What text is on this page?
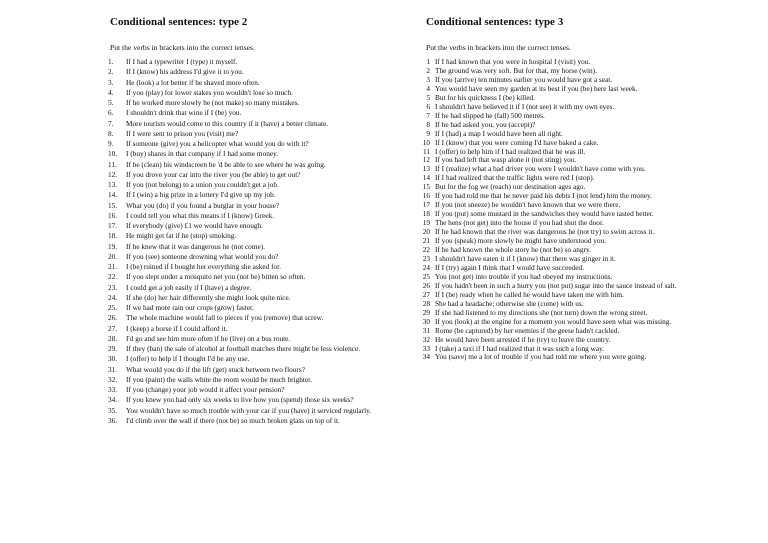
Conditional sentences: type 2
Put the verbs in brackets into the correct tenses.
1. If I had a typewriter I (type) it myself.
2. If I (know) his address I'd give it to you.
3. He (look) a lot better if he shaved more often.
4. If you (play) for lower stakes you wouldn't lose so much.
5. If he worked more slowly he (not make) so many mistakes.
6. I shouldn't drink that wine if I (be) you.
7. More tourists would come to this country if it (have) a better climate.
8. If I were sent to prison you (visit) me?
9. If someone (give) you a helicopter what would you do with it?
10. I (buy) shares in that company if I had some money.
11. If he (clean) his windscreen he 'd be able to see where he was going.
12. If you drove your car into the river you (be able) to get out?
13. If you (not belong) to a union you couldn't get a job.
14. If I (win) a big prize in a lottery I'd give up my job.
15. What you (do) if you found a burglar in your house?
16. I could tell you what this means if I (know) Greek.
17. If everybody (give) £1 we would have enough.
18. He might get fat if he (stop) smoking.
19. If he knew that it was dangerous he (not come).
20. If you (see) someone drowning what would you do?
21. I (be) ruined if I bought her everything she asked for.
22. If you slept under a mosquito net you (not be) bitten so often.
23. I could get a job easily if I (have) a degree.
24. If she (do) her hair differently she might look quite nice.
25. If we had more rain our crops (grow) faster.
26. The whole machine would fall to pieces if you (remove) that screw.
27. I (keep) a horse if I could afford it.
28. I'd go and see him more often if he (live) on a bus route.
29. If they (ban) the sale of alcohol at football matches there might be less violence.
30. I (offer) to help if I thought I'd be any use.
31. What would you do if the lift (get) stuck between two floors?
32. If you (paint) the walls white the room would be much brighter.
33. If you (change) your job would it affect your pension?
34. If you knew you had only six weeks to live how you (spend) those six weeks?
35. You wouldn't have so much trouble with your car if you (have) it serviced regularly.
36. I'd climb over the wall if there (not be) so much broken glass on top of it.
Conditional sentences: type 3
Put the verbs in brackets into the correct tenses.
1 If I had known that you were in hospital I (visit) you.
2 The ground was very soft. But for that, my horse (win).
3 If you (arrive) ten minutes earlier you would have got a seat.
4 You would have seen my garden at its best if you (be) here last week.
5 But for his quickness I (be) killed.
6 I shouldn't have believed it if I (not see) it with my own eyes.
7 If he had slipped he (fall) 500 metres.
8 If he had asked you, you (accept)?
9 If I (had) a map I would have been all right.
10 If I (know) that you were coming I'd have baked a cake.
11 I (offer) to help him if I had realized that he was ill.
12 If you had left that wasp alone it (not sting) you.
13 If I (realize) what a bad driver you were I wouldn't have come with you.
14 If I had realized that the traffic lights were red I (stop).
15 But for the fog we (reach) our destination ages ago.
16 If you had told me that he never paid his debts I (not lend) him the money.
17 If you (not sneeze) he wouldn't have known that we were there.
18 If you (put) some mustard in the sandwiches they would have tasted better.
19 The hens (not get) into the house if you had shut the door.
20 If he had known that the river was dangerous he (not try) to swim across it.
21 If you (speak) more slowly he might have understood you.
22 If he had known the whole story he (not be) so angry.
23 I shouldn't have eaten it if I (know) that there was ginger in it.
24 If I (try) again I think that I would have succeeded.
25 You (not get) into trouble if you had obeyed my instructions.
26 If you hadn't been in such a hurry you (not put) sugar into the sauce instead of salt.
27 If I (be) ready when he called he would have taken me with him.
28 She had a headache; otherwise she (come) with us.
29 If she had listened to my directions she (not turn) down the wrong street.
30 If you (look) at the engine for a moment you would have seen what was missing.
31 Rome (be captured) by her enemies if the geese hadn't cackled.
32 He would have been arrested if he (try) to leave the country.
33 I (take) a taxi if I had realized that it was such a long way.
34 You (save) me a lot of trouble if you had told me where you were going.
